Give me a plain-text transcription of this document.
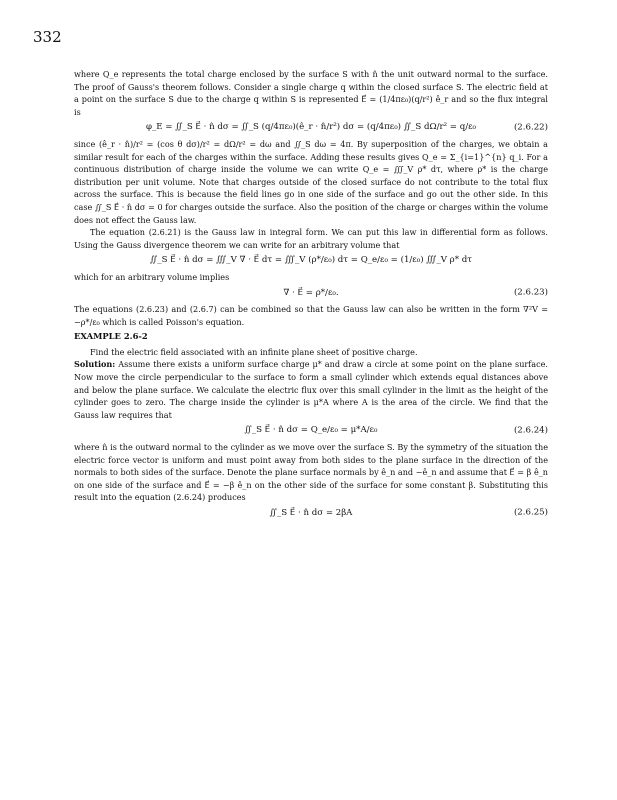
332

where Q_e represents the total charge enclosed by the surface S with n̂ the unit outward normal to the surface. The proof of Gauss's theorem follows. Consider a single charge q within the closed surface S. The electric field at a point on the surface S due to the charge q within S is represented E⃗ = (1/4πε₀)(q/r²) ê_r and so the flux integral is

φ_E = ∬_S E⃗ · n̂ dσ = ∬_S (q/4πε₀)(ê_r · n̂/r²) dσ = (q/4πε₀) ∬_S dΩ/r² = q/ε₀	(2.6.22)

since (ê_r · n̂)/r² = (cos θ dσ)/r² = dΩ/r² = dω and ∬_S dω = 4π. By superposition of the charges, we obtain a similar result for each of the charges within the surface. Adding these results gives Q_e = Σ_{i=1}^{n} q_i. For a continuous distribution of charge inside the volume we can write Q_e = ∭_V ρ* dτ, where ρ* is the charge distribution per unit volume. Note that charges outside of the closed surface do not contribute to the total flux across the surface. This is because the field lines go in one side of the surface and go out the other side. In this case ∬_S E⃗ · n̂ dσ = 0 for charges outside the surface. Also the position of the charge or charges within the volume does not effect the Gauss law.

The equation (2.6.21) is the Gauss law in integral form. We can put this law in differential form as follows. Using the Gauss divergence theorem we can write for an arbitrary volume that

∬_S E⃗ · n̂ dσ = ∭_V ∇ · E⃗ dτ = ∭_V (ρ*/ε₀) dτ = Q_e/ε₀ = (1/ε₀) ∭_V ρ* dτ

which for an arbitrary volume implies

∇ · E⃗ = ρ*/ε₀.	(2.6.23)

The equations (2.6.23) and (2.6.7) can be combined so that the Gauss law can also be written in the form ∇²V = −ρ*/ε₀ which is called Poisson's equation.

EXAMPLE 2.6-2

Find the electric field associated with an infinite plane sheet of positive charge.

Solution: Assume there exists a uniform surface charge μ* and draw a circle at some point on the plane surface. Now move the circle perpendicular to the surface to form a small cylinder which extends equal distances above and below the plane surface. We calculate the electric flux over this small cylinder in the limit as the height of the cylinder goes to zero. The charge inside the cylinder is μ*A where A is the area of the circle. We find that the Gauss law requires that

∬_S E⃗ · n̂ dσ = Q_e/ε₀ = μ*A/ε₀	(2.6.24)

where n̂ is the outward normal to the cylinder as we move over the surface S. By the symmetry of the situation the electric force vector is uniform and must point away from both sides to the plane surface in the direction of the normals to both sides of the surface. Denote the plane surface normals by ê_n and −ê_n and assume that E⃗ = β ê_n on one side of the surface and E⃗ = −β ê_n on the other side of the surface for some constant β. Substituting this result into the equation (2.6.24) produces

∬_S E⃗ · n̂ dσ = 2βA	(2.6.25)
